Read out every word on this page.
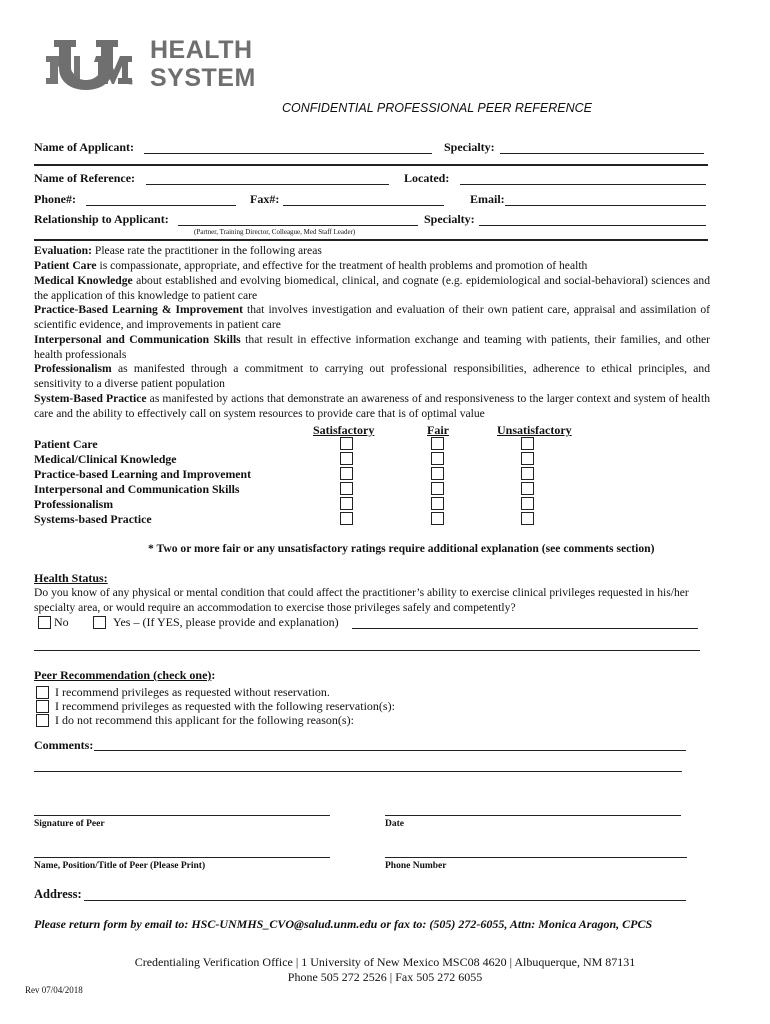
HEALTH
SYSTEM
®
CONFIDENTIAL PROFESSIONAL PEER REFERENCE
Name of Applicant:	Specialty:
Name of Reference:	Located:
Phone#:	Fax#:	Email:
Relationship to Applicant:	Specialty:
(Partner, Training Director, Colleague, Med Staff Leader)
Evaluation: Please rate the practitioner in the following areas
Patient Care is compassionate, appropriate, and effective for the treatment of health problems and promotion of health
Medical Knowledge about established and evolving biomedical, clinical, and cognate (e.g. epidemiological and social-behavioral) sciences and the application of this knowledge to patient care
Practice-Based Learning & Improvement that involves investigation and evaluation of their own patient care, appraisal and assimilation of scientific evidence, and improvements in patient care
Interpersonal and Communication Skills that result in effective information exchange and teaming with patients, their families, and other health professionals
Professionalism as manifested through a commitment to carrying out professional responsibilities, adherence to ethical principles, and sensitivity to a diverse patient population
System-Based Practice as manifested by actions that demonstrate an awareness of and responsiveness to the larger context and system of health care and the ability to effectively call on system resources to provide care that is of optimal value
Satisfactory	Fair	Unsatisfactory
Patient Care
Medical/Clinical Knowledge
Practice-based Learning and Improvement
Interpersonal and Communication Skills
Professionalism
Systems-based Practice
* Two or more fair or any unsatisfactory ratings require additional explanation (see comments section)
Health Status:
Do you know of any physical or mental condition that could affect the practitioner’s ability to exercise clinical privileges requested in his/her specialty area, or would require an accommodation to exercise those privileges safely and competently?
No	Yes – (If YES, please provide and explanation)
Peer Recommendation (check one):
I recommend privileges as requested without reservation.
I recommend privileges as requested with the following reservation(s):
I do not recommend this applicant for the following reason(s):
Comments:
Signature of Peer	Date
Name, Position/Title of Peer (Please Print)	Phone Number
Address:
Please return form by email to: HSC-UNMHS_CVO@salud.unm.edu or fax to: (505) 272-6055, Attn: Monica Aragon, CPCS
Credentialing Verification Office | 1 University of New Mexico MSC08 4620 | Albuquerque, NM 87131
Phone 505 272 2526 | Fax 505 272 6055
Rev 07/04/2018
